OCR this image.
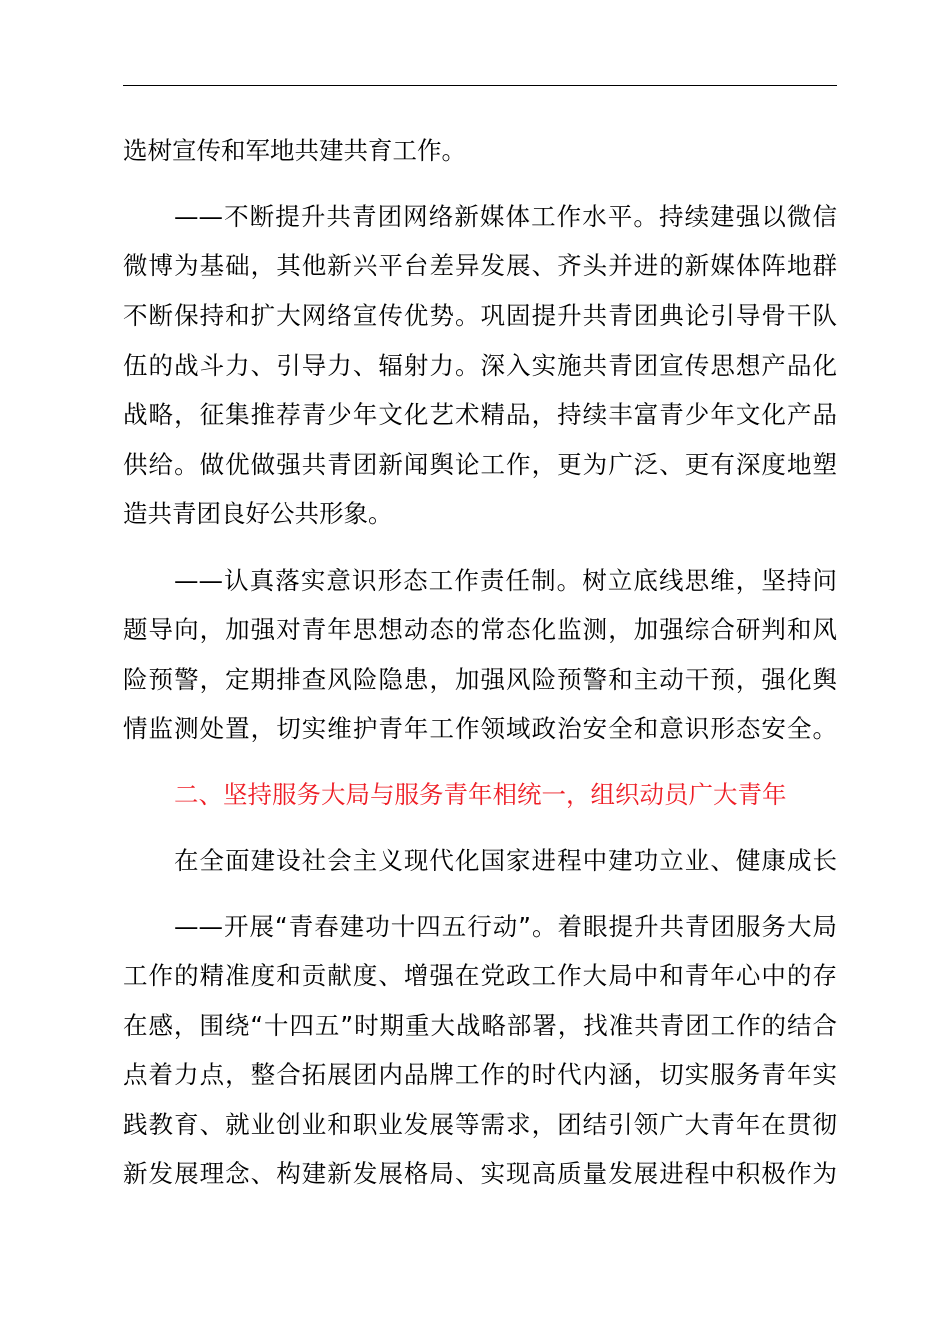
选树宣传和军地共建共育工作。
——不断提升共青团网络新媒体工作水平。持续建强以微信
微博为基础，其他新兴平台差异发展、齐头并进的新媒体阵地群
不断保持和扩大网络宣传优势。巩固提升共青团典论引导骨干队
伍的战斗力、引导力、辐射力。深入实施共青团宣传思想产品化
战略，征集推荐青少年文化艺术精品，持续丰富青少年文化产品
供给。做优做强共青团新闻舆论工作，更为广泛、更有深度地塑
造共青团良好公共形象。
——认真落实意识形态工作责任制。树立底线思维，坚持问
题导向，加强对青年思想动态的常态化监测，加强综合研判和风
险预警，定期排查风险隐患，加强风险预警和主动干预，强化舆
情监测处置，切实维护青年工作领域政治安全和意识形态安全。
二、坚持服务大局与服务青年相统一，组织动员广大青年
在全面建设社会主义现代化国家进程中建功立业、健康成长
——开展“青春建功十四五行动”。着眼提升共青团服务大局
工作的精准度和贡献度、增强在党政工作大局中和青年心中的存
在感，围绕“十四五”时期重大战略部署，找准共青团工作的结合
点着力点，整合拓展团内品牌工作的时代内涵，切实服务青年实
践教育、就业创业和职业发展等需求，团结引领广大青年在贯彻
新发展理念、构建新发展格局、实现高质量发展进程中积极作为
